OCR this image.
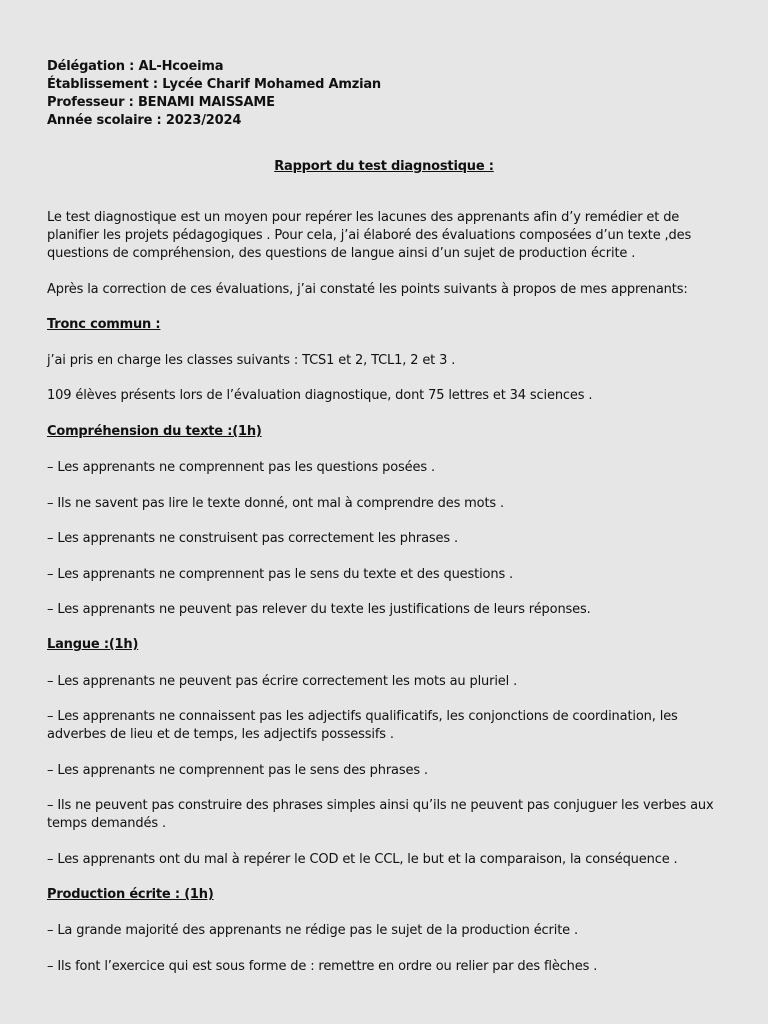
Délégation : AL-Hcoeima
Établissement : Lycée Charif Mohamed Amzian
Professeur : BENAMI MAISSAME
Année scolaire : 2023/2024
Rapport du test diagnostique :
Le test diagnostique est un moyen pour repérer les lacunes des apprenants afin d’y remédier et de
planifier les projets pédagogiques . Pour cela, j’ai élaboré des évaluations composées d’un texte ,des
questions de compréhension, des questions de langue ainsi d’un sujet de production écrite .
Après la correction de ces évaluations, j’ai constaté les points suivants à propos de mes apprenants:
Tronc commun :
j’ai pris en charge les classes suivants : TCS1 et 2, TCL1, 2 et 3 .
109 élèves présents lors de l’évaluation diagnostique, dont 75 lettres et 34 sciences .
Compréhension du texte :(1h)
– Les apprenants ne comprennent pas les questions posées .
– Ils ne savent pas lire le texte donné, ont mal à comprendre des mots .
– Les apprenants ne construisent pas correctement les phrases .
– Les apprenants ne comprennent pas le sens du texte et des questions .
– Les apprenants ne peuvent pas relever du texte les justifications de leurs réponses.
Langue :(1h)
– Les apprenants ne peuvent pas écrire correctement les mots au pluriel .
– Les apprenants ne connaissent pas les adjectifs qualificatifs, les conjonctions de coordination, les
adverbes de lieu et de temps, les adjectifs possessifs .
– Les apprenants ne comprennent pas le sens des phrases .
– Ils ne peuvent pas construire des phrases simples ainsi qu’ils ne peuvent pas conjuguer les verbes aux
temps demandés .
– Les apprenants ont du mal à repérer le COD et le CCL, le but et la comparaison, la conséquence .
Production écrite : (1h)
– La grande majorité des apprenants ne rédige pas le sujet de la production écrite .
– Ils font l’exercice qui est sous forme de : remettre en ordre ou relier par des flèches .
